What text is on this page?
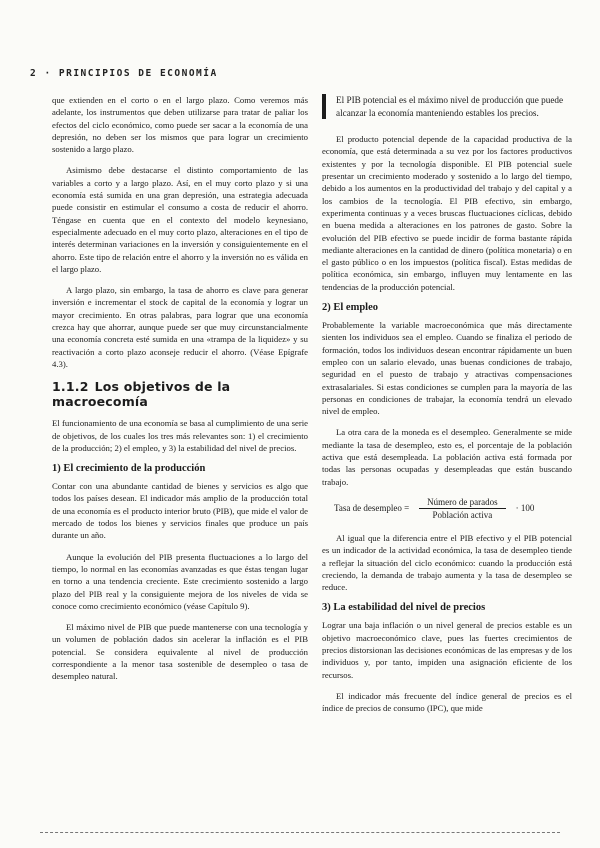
2 · PRINCIPIOS DE ECONOMÍA

que extienden en el corto o en el largo plazo. Como veremos más adelante, los instrumentos que deben utilizarse para tratar de paliar los efectos del ciclo económico, como puede ser sacar a la economía de una depresión, no deben ser los mismos que para lograr un crecimiento sostenido a largo plazo.

Asimismo debe destacarse el distinto comportamiento de las variables a corto y a largo plazo. Así, en el muy corto plazo y si una economía está sumida en una gran depresión, una estrategia adecuada puede consistir en estimular el consumo a costa de reducir el ahorro. Téngase en cuenta que en el contexto del modelo keynesiano, especialmente adecuado en el muy corto plazo, alteraciones en el tipo de interés determinan variaciones en la inversión y consiguientemente en el ahorro. Este tipo de relación entre el ahorro y la inversión no es válida en el largo plazo.

A largo plazo, sin embargo, la tasa de ahorro es clave para generar inversión e incrementar el stock de capital de la economía y lograr un mayor crecimiento. En otras palabras, para lograr que una economía crezca hay que ahorrar, aunque puede ser que muy circunstancialmente una economía concreta esté sumida en una «trampa de la liquidez» y su reactivación a corto plazo aconseje reducir el ahorro. (Véase Epígrafe 4.3).

1.1.2 Los objetivos de la macroecomía

El funcionamiento de una economía se basa al cumplimiento de una serie de objetivos, de los cuales los tres más relevantes son: 1) el crecimiento de la producción; 2) el empleo, y 3) la estabilidad del nivel de precios.

1) El crecimiento de la producción

Contar con una abundante cantidad de bienes y servicios es algo que todos los países desean. El indicador más amplio de la producción total de una economía es el producto interior bruto (PIB), que mide el valor de mercado de todos los bienes y servicios finales que produce un país durante un año.

Aunque la evolución del PIB presenta fluctuaciones a lo largo del tiempo, lo normal en las economías avanzadas es que éstas tengan lugar en torno a una tendencia creciente. Este crecimiento sostenido a largo plazo del PIB real y la consiguiente mejora de los niveles de vida se conoce como crecimiento económico (véase Capítulo 9).

El máximo nivel de PIB que puede mantenerse con una tecnología y un volumen de población dados sin acelerar la inflación es el PIB potencial. Se considera equivalente al nivel de producción correspondiente a la menor tasa sostenible de desempleo o tasa de desempleo natural.

El PIB potencial es el máximo nivel de producción que puede alcanzar la economía manteniendo estables los precios.

El producto potencial depende de la capacidad productiva de la economía, que está determinada a su vez por los factores productivos existentes y por la tecnología disponible. El PIB potencial suele presentar un crecimiento moderado y sostenido a lo largo del tiempo, debido a los aumentos en la productividad del trabajo y del capital y a los cambios de la tecnología. El PIB efectivo, sin embargo, experimenta continuas y a veces bruscas fluctuaciones cíclicas, debido en buena medida a alteraciones en los patrones de gasto. Sobre la evolución del PIB efectivo se puede incidir de forma bastante rápida mediante alteraciones en la cantidad de dinero (política monetaria) o en el gasto público o en los impuestos (política fiscal). Estas medidas de política económica, sin embargo, influyen muy lentamente en las tendencias de la producción potencial.

2) El empleo

Probablemente la variable macroeconómica que más directamente sienten los individuos sea el empleo. Cuando se finaliza el periodo de formación, todos los individuos desean encontrar rápidamente un buen empleo con un salario elevado, unas buenas condiciones de trabajo, seguridad en el puesto de trabajo y atractivas compensaciones extrasalariales. Si estas condiciones se cumplen para la mayoría de las personas en condiciones de trabajar, la economía tendrá un elevado nivel de empleo.

La otra cara de la moneda es el desempleo. Generalmente se mide mediante la tasa de desempleo, esto es, el porcentaje de la población activa que está desempleada. La población activa está formada por todas las personas ocupadas y desempleadas que están buscando trabajo.

Tasa de desempleo = $\frac{\text{Número de parados}}{\text{Población activa}} \cdot 100$

Al igual que la diferencia entre el PIB efectivo y el PIB potencial es un indicador de la actividad económica, la tasa de desempleo tiende a reflejar la situación del ciclo económico: cuando la producción está creciendo, la demanda de trabajo aumenta y la tasa de desempleo se reduce.

3) La estabilidad del nivel de precios

Lograr una baja inflación o un nivel general de precios estable es un objetivo macroeconómico clave, pues las fuertes crecimientos de precios distorsionan las decisiones económicas de las empresas y de los individuos y, por tanto, impiden una asignación eficiente de los recursos.

El indicador más frecuente del índice general de precios es el índice de precios de consumo (IPC), que mide
